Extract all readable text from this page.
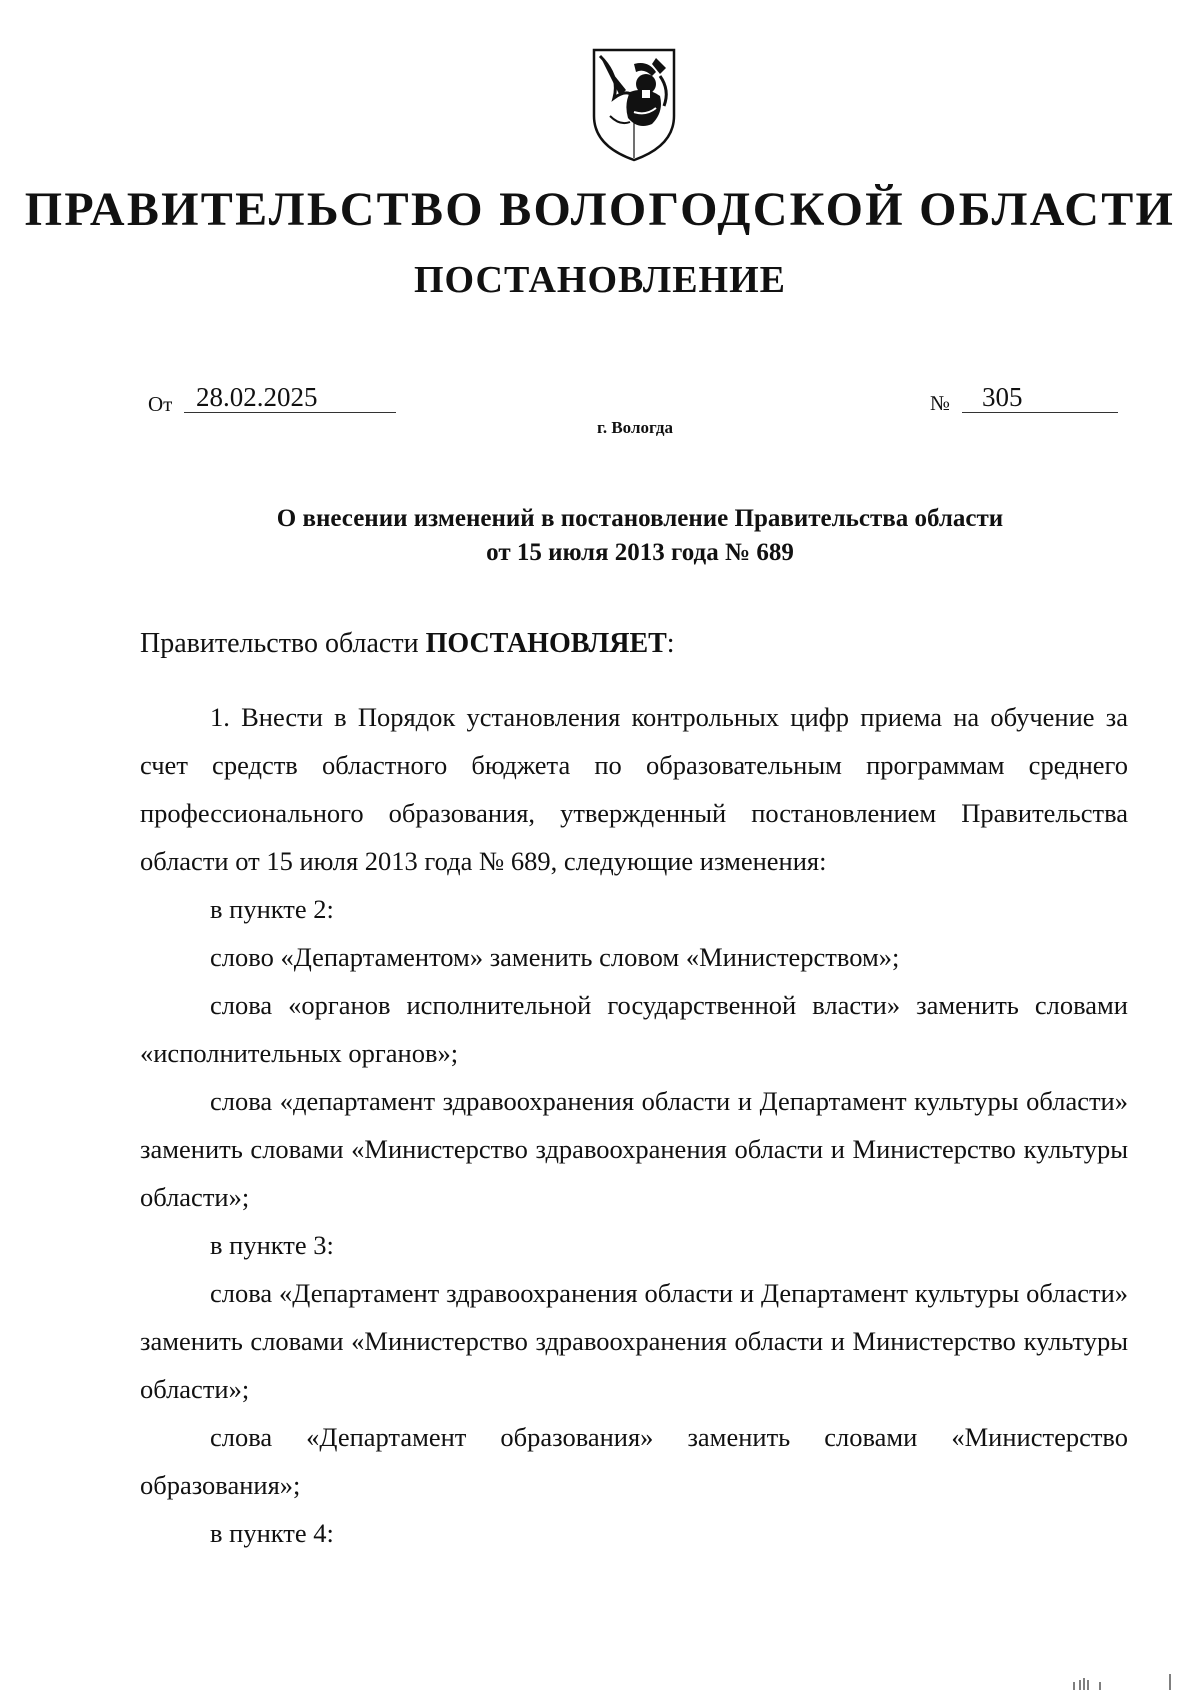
ПРАВИТЕЛЬСТВО ВОЛОГОДСКОЙ ОБЛАСТИ
ПОСТАНОВЛЕНИЕ
От 28.02.2025	№	305
г. Вологда
О внесении изменений в постановление Правительства области
от 15 июля 2013 года № 689
Правительство области ПОСТАНОВЛЯЕТ:

1. Внести в Порядок установления контрольных цифр приема на обучение за счет средств областного бюджета по образовательным программам среднего профессионального образования, утвержденный постановлением Правительства области от 15 июля 2013 года № 689, следующие изменения:

в пункте 2:

слово «Департаментом» заменить словом «Министерством»;

слова «органов исполнительной государственной власти» заменить словами «исполнительных органов»;

слова «департамент здравоохранения области и Департамент культуры области» заменить словами «Министерство здравоохранения области и Министерство культуры области»;

в пункте 3:

слова «Департамент здравоохранения области и Департамент культуры области» заменить словами «Министерство здравоохранения области и Министерство культуры области»;

слова «Департамент образования» заменить словами «Министерство образования»;

в пункте 4:
